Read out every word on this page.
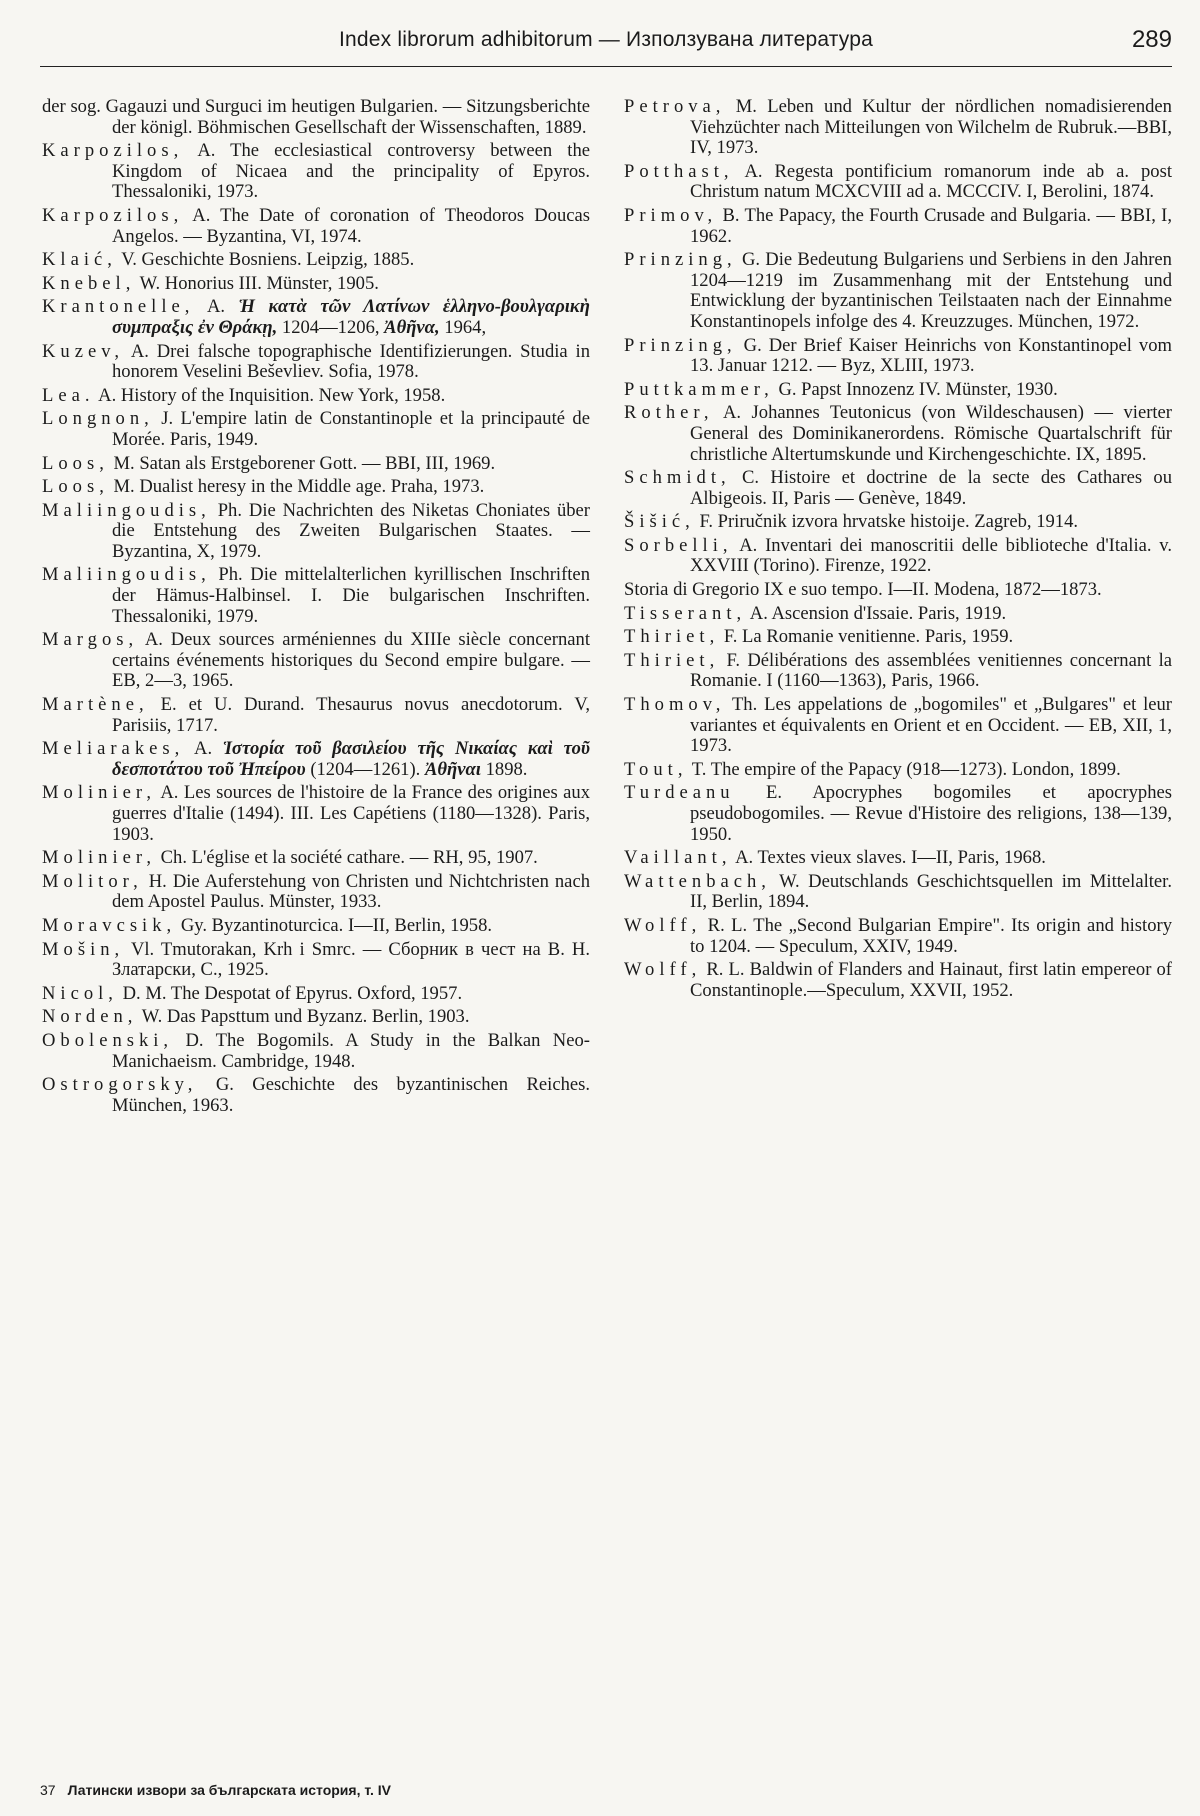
Index librorum adhibitorum — Използувана литература	289

der sog. Gagauzi und Surguci im heutigen Bulgarien. — Sitzungsberichte der königl. Böhmischen Gesellschaft der Wissenschaften, 1889.

Karpozilos, A. The ecclesiastical controversy between the Kingdom of Nicaea and the principality of Epyros. Thessaloniki, 1973.

Karpozilos, A. The Date of coronation of Theodoros Doucas Angelos. — Byzantina, VI, 1974.

Klaić, V. Geschichte Bosniens. Leipzig, 1885.

Knebel, W. Honorius III. Münster, 1905.

Krantonelle, A. Ἡ κατὰ τῶν Λατίνων ἑλληνο-βουλγαρικὴ συμπραξις ἐν Θράκῃ, 1204—1206, Ἀθῆνα, 1964,

Kuzev, A. Drei falsche topographische Identifizierungen. Studia in honorem Veselini Beševliev. Sofia, 1978.

Lea. A. History of the Inquisition. New York, 1958.

Longnon, J. L'empire latin de Constantinople et la principauté de Morée. Paris, 1949.

Loos, M. Satan als Erstgeborener Gott. — BBI, III, 1969.

Loos, M. Dualist heresy in the Middle age. Praha, 1973.

Maliingoudis, Ph. Die Nachrichten des Niketas Choniates über die Entstehung des Zweiten Bulgarischen Staates. — Byzantina, X, 1979.

Maliingoudis, Ph. Die mittelalterlichen kyrillischen Inschriften der Hämus-Halbinsel. I. Die bulgarischen Inschriften. Thessaloniki, 1979.

Margos, A. Deux sources arméniennes du XIIIe siècle concernant certains événements historiques du Second empire bulgare. — EB, 2—3, 1965.

Martène, E. et U. Durand. Thesaurus novus anecdotorum. V, Parisiis, 1717.

Meliarakes, A. Ἱστορία τοῦ βασιλείου τῆς Νικαίας καὶ τοῦ δεσποτάτου τοῦ Ἠπείρου (1204—1261). Ἀθῆναι 1898.

Molinier, A. Les sources de l'histoire de la France des origines aux guerres d'Italie (1494). III. Les Capétiens (1180—1328). Paris, 1903.

Molinier, Ch. L'église et la société cathare. — RH, 95, 1907.

Molitor, H. Die Auferstehung von Christen und Nichtchristen nach dem Apostel Paulus. Münster, 1933.

Moravcsik, Gy. Byzantinoturcica. I—II, Berlin, 1958.

Mošin, Vl. Tmutorakan, Krh i Smrc. — Сборник в чест на В. Н. Златарски, С., 1925.

Nicol, D. M. The Despotat of Epyrus. Oxford, 1957.

Norden, W. Das Papsttum und Byzanz. Berlin, 1903.

Obolenski, D. The Bogomils. A Study in the Balkan Neo-Manichaeism. Cambridge, 1948.

Ostrogorsky, G. Geschichte des byzantinischen Reiches. München, 1963.

Petrova, M. Leben und Kultur der nördlichen nomadisierenden Viehzüchter nach Mitteilungen von Wilchelm de Rubruk.—BBI, IV, 1973.

Potthast, A. Regesta pontificium romanorum inde ab a. post Christum natum MCXCVIII ad a. MCCCIV. I, Berolini, 1874.

Primov, B. The Papacy, the Fourth Crusade and Bulgaria. — BBI, I, 1962.

Prinzing, G. Die Bedeutung Bulgariens und Serbiens in den Jahren 1204—1219 im Zusammenhang mit der Entstehung und Entwicklung der byzantinischen Teilstaaten nach der Einnahme Konstantinopels infolge des 4. Kreuzzuges. München, 1972.

Prinzing, G. Der Brief Kaiser Heinrichs von Konstantinopel vom 13. Januar 1212. — Byz, XLIII, 1973.

Puttkammer, G. Papst Innozenz IV. Münster, 1930.

Rother, A. Johannes Teutonicus (von Wildeschausen) — vierter General des Dominikanerordens. Römische Quartalschrift für christliche Altertumskunde und Kirchengeschichte. IX, 1895.

Schmidt, C. Histoire et doctrine de la secte des Cathares ou Albigeois. II, Paris — Genève, 1849.

Šišić, F. Priručnik izvora hrvatske histoije. Zagreb, 1914.

Sorbelli, A. Inventari dei manoscritii delle biblioteche d'Italia. v. XXVIII (Torino). Firenze, 1922.

Storia di Gregorio IX e suo tempo. I—II. Modena, 1872—1873.

Tisserant, A. Ascension d'Issaie. Paris, 1919.

Thiriet, F. La Romanie venitienne. Paris, 1959.

Thiriet, F. Délibérations des assemblées venitiennes concernant la Romanie. I (1160—1363), Paris, 1966.

Thomov, Th. Les appelations de „bogomiles" et „Bulgares" et leur variantes et équivalents en Orient et en Occident. — EB, XII, 1, 1973.

Tout, T. The empire of the Papacy (918—1273). London, 1899.

Turdeanu E. Apocryphes bogomiles et apocryphes pseudobogomiles. — Revue d'Histoire des religions, 138—139, 1950.

Vaillant, A. Textes vieux slaves. I—II, Paris, 1968.

Wattenbach, W. Deutschlands Geschichtsquellen im Mittelalter. II, Berlin, 1894.

Wolff, R. L. The „Second Bulgarian Empire". Its origin and history to 1204. — Speculum, XXIV, 1949.

Wolff, R. L. Baldwin of Flanders and Hainaut, first latin empereor of Constantinople.—Speculum, XXVII, 1952.

37 Латински извори за българската история, т. IV
